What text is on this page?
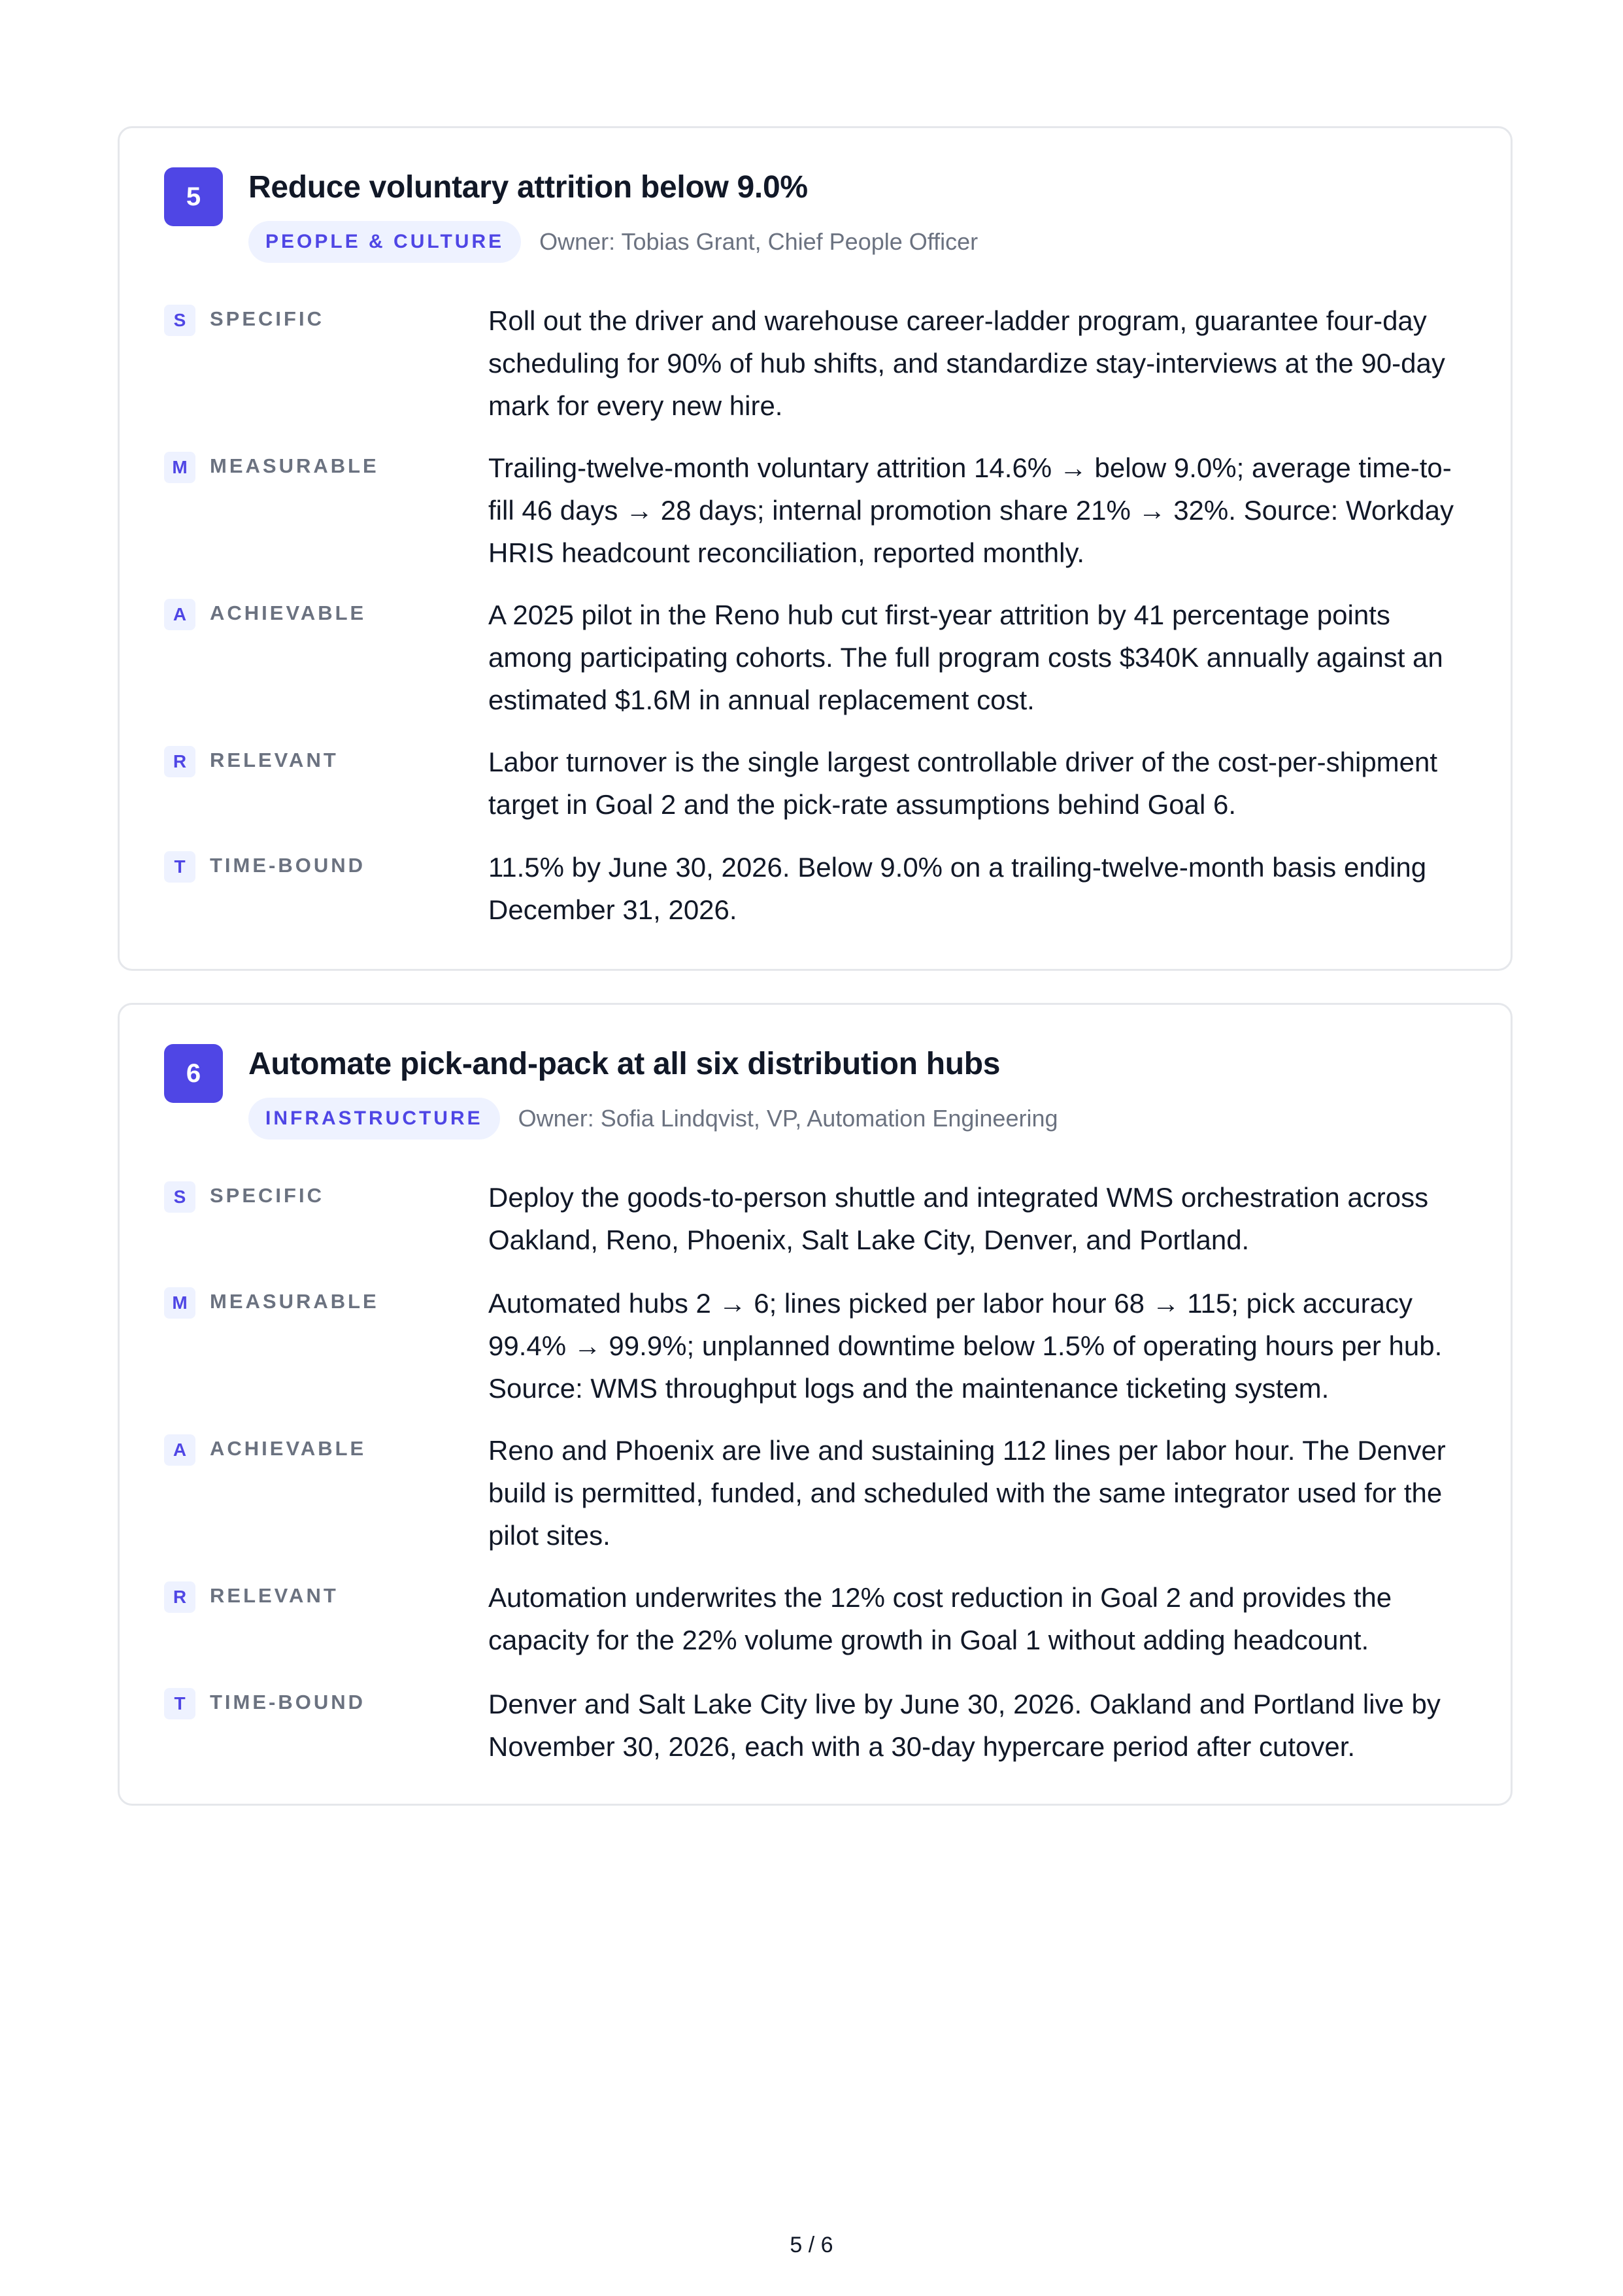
5	Reduce voluntary attrition below 9.0%
PEOPLE & CULTURE	Owner: Tobias Grant, Chief People Officer
S	SPECIFIC	Roll out the driver and warehouse career-ladder program, guarantee four-day scheduling for 90% of hub shifts, and standardize stay-interviews at the 90-day mark for every new hire.

M	MEASURABLE	Trailing-twelve-month voluntary attrition 14.6% → below 9.0%; average time-to-fill 46 days → 28 days; internal promotion share 21% → 32%. Source: Workday HRIS headcount reconciliation, reported monthly.

A	ACHIEVABLE	A 2025 pilot in the Reno hub cut first-year attrition by 41 percentage points among participating cohorts. The full program costs $340K annually against an estimated $1.6M in annual replacement cost.

R	RELEVANT	Labor turnover is the single largest controllable driver of the cost-per-shipment target in Goal 2 and the pick-rate assumptions behind Goal 6.

T	TIME-BOUND	11.5% by June 30, 2026. Below 9.0% on a trailing-twelve-month basis ending December 31, 2026.

6	Automate pick-and-pack at all six distribution hubs
INFRASTRUCTURE	Owner: Sofia Lindqvist, VP, Automation Engineering
S	SPECIFIC	Deploy the goods-to-person shuttle and integrated WMS orchestration across Oakland, Reno, Phoenix, Salt Lake City, Denver, and Portland.

M	MEASURABLE	Automated hubs 2 → 6; lines picked per labor hour 68 → 115; pick accuracy 99.4% → 99.9%; unplanned downtime below 1.5% of operating hours per hub. Source: WMS throughput logs and the maintenance ticketing system.

A	ACHIEVABLE	Reno and Phoenix are live and sustaining 112 lines per labor hour. The Denver build is permitted, funded, and scheduled with the same integrator used for the pilot sites.

R	RELEVANT	Automation underwrites the 12% cost reduction in Goal 2 and provides the capacity for the 22% volume growth in Goal 1 without adding headcount.

T	TIME-BOUND	Denver and Salt Lake City live by June 30, 2026. Oakland and Portland live by November 30, 2026, each with a 30-day hypercare period after cutover.

5 / 6
